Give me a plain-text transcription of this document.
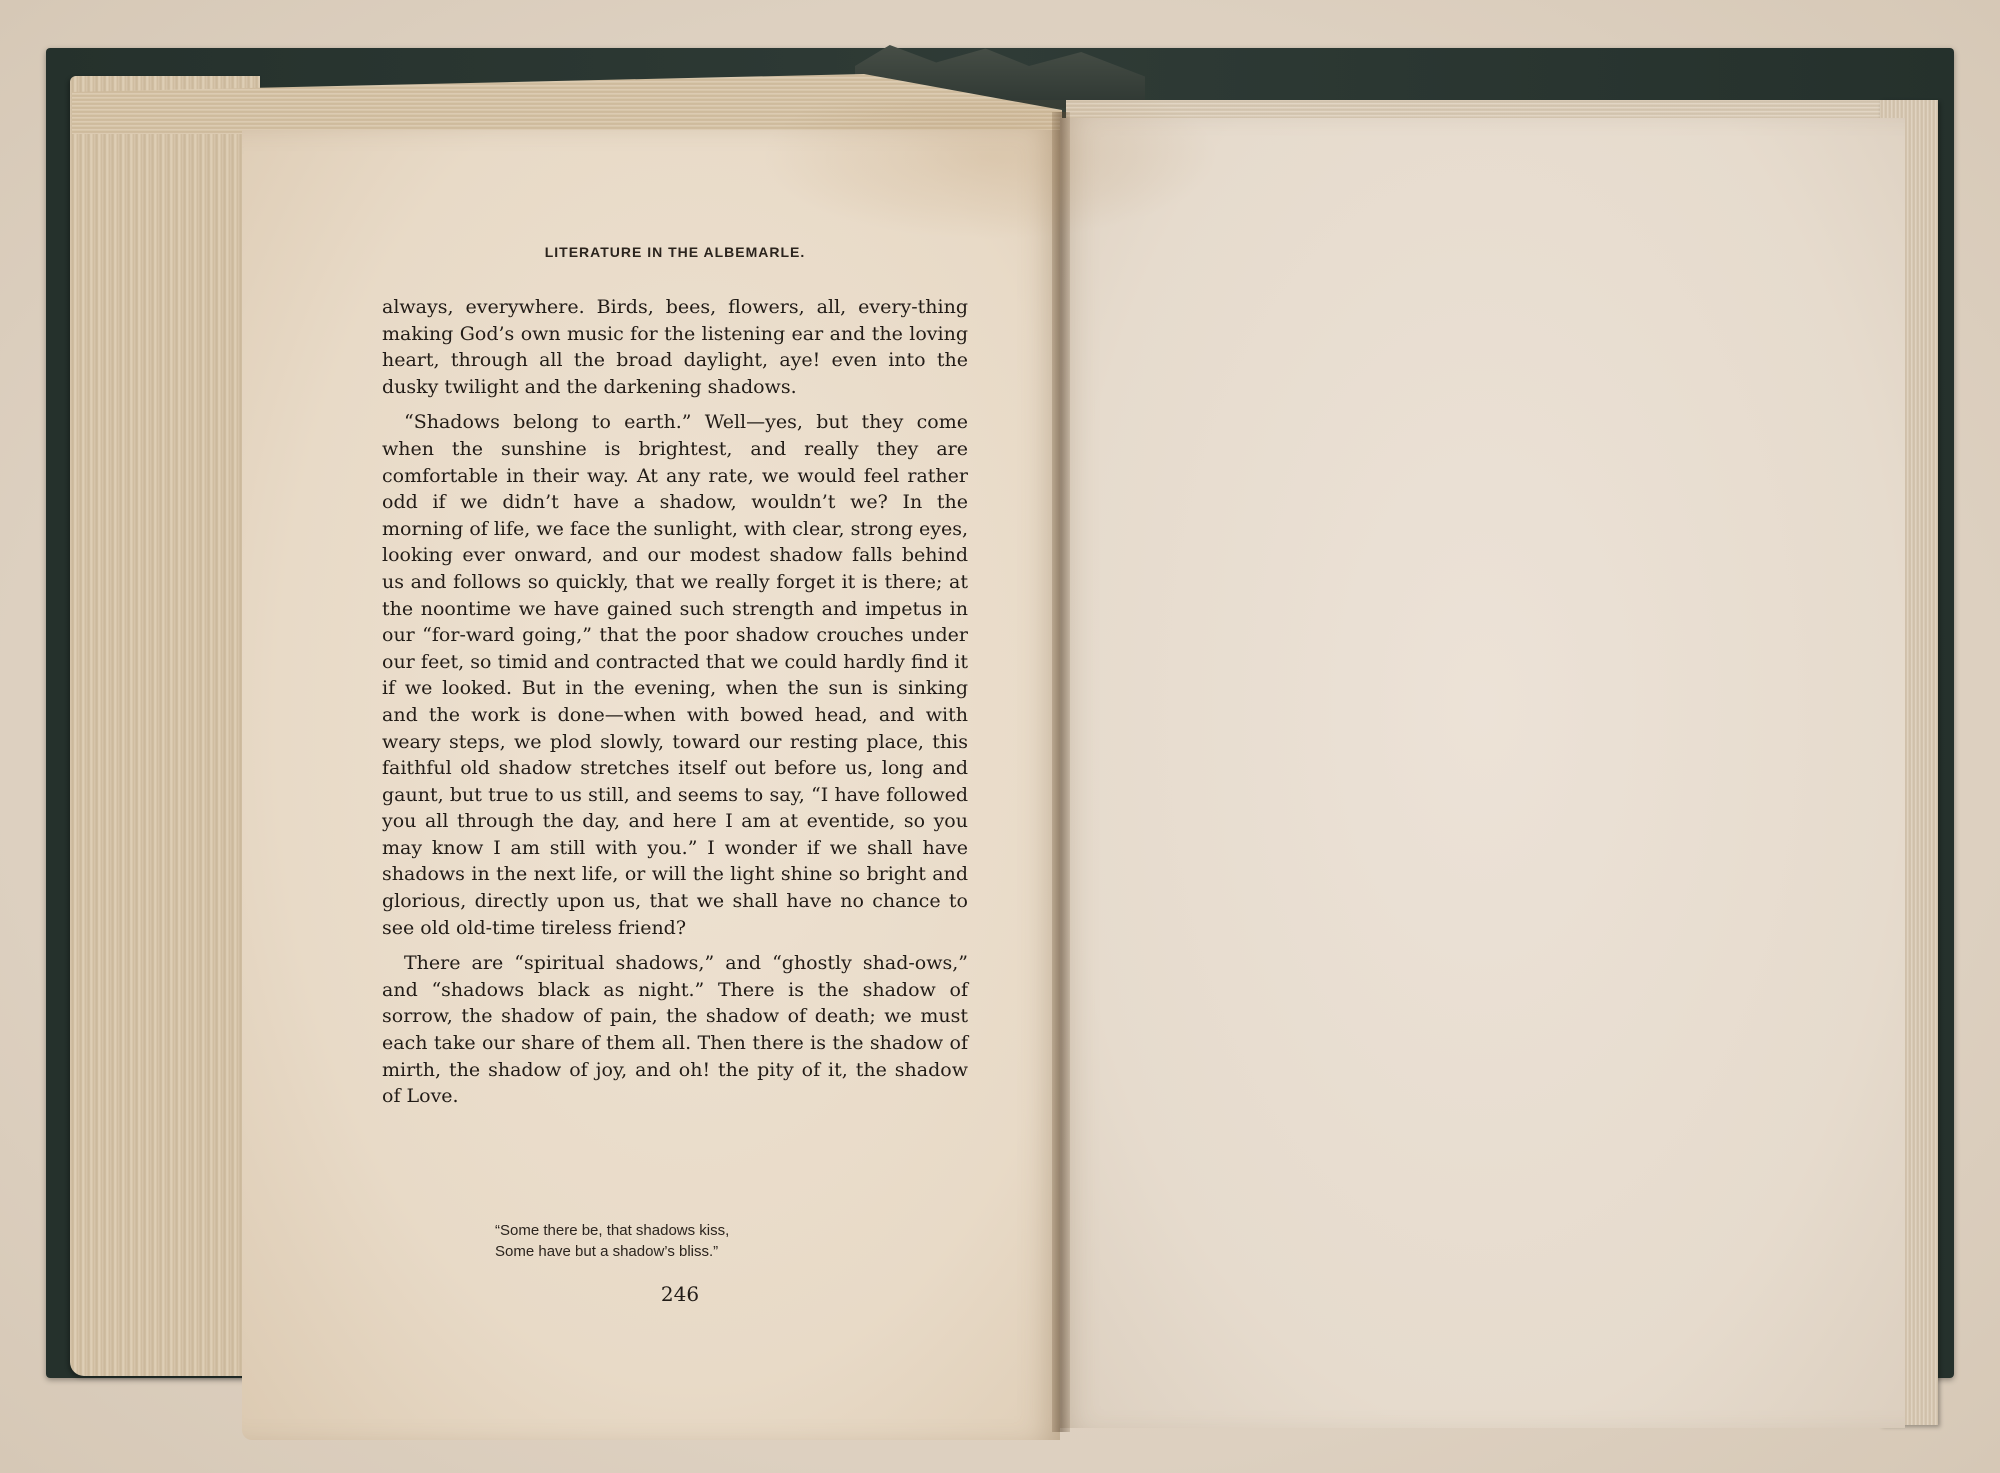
LITERATURE IN THE ALBEMARLE.

always, everywhere. Birds, bees, flowers, all, every-thing making God’s own music for the listening ear and the loving heart, through all the broad daylight, aye! even into the dusky twilight and the darkening shadows.

“Shadows belong to earth.” Well—yes, but they come when the sunshine is brightest, and really they are comfortable in their way. At any rate, we would feel rather odd if we didn’t have a shadow, wouldn’t we? In the morning of life, we face the sunlight, with clear, strong eyes, looking ever onward, and our modest shadow falls behind us and follows so quickly, that we really forget it is there; at the noontime we have gained such strength and impetus in our “for-ward going,” that the poor shadow crouches under our feet, so timid and contracted that we could hardly find it if we looked. But in the evening, when the sun is sinking and the work is done—when with bowed head, and with weary steps, we plod slowly, toward our resting place, this faithful old shadow stretches itself out before us, long and gaunt, but true to us still, and seems to say, “I have followed you all through the day, and here I am at eventide, so you may know I am still with you.” I wonder if we shall have shadows in the next life, or will the light shine so bright and glorious, directly upon us, that we shall have no chance to see old old-time tireless friend?

There are “spiritual shadows,” and “ghostly shad-ows,” and “shadows black as night.” There is the shadow of sorrow, the shadow of pain, the shadow of death; we must each take our share of them all. Then there is the shadow of mirth, the shadow of joy, and oh! the pity of it, the shadow of Love.

“Some there be, that shadows kiss,
Some have but a shadow’s bliss.”
246
